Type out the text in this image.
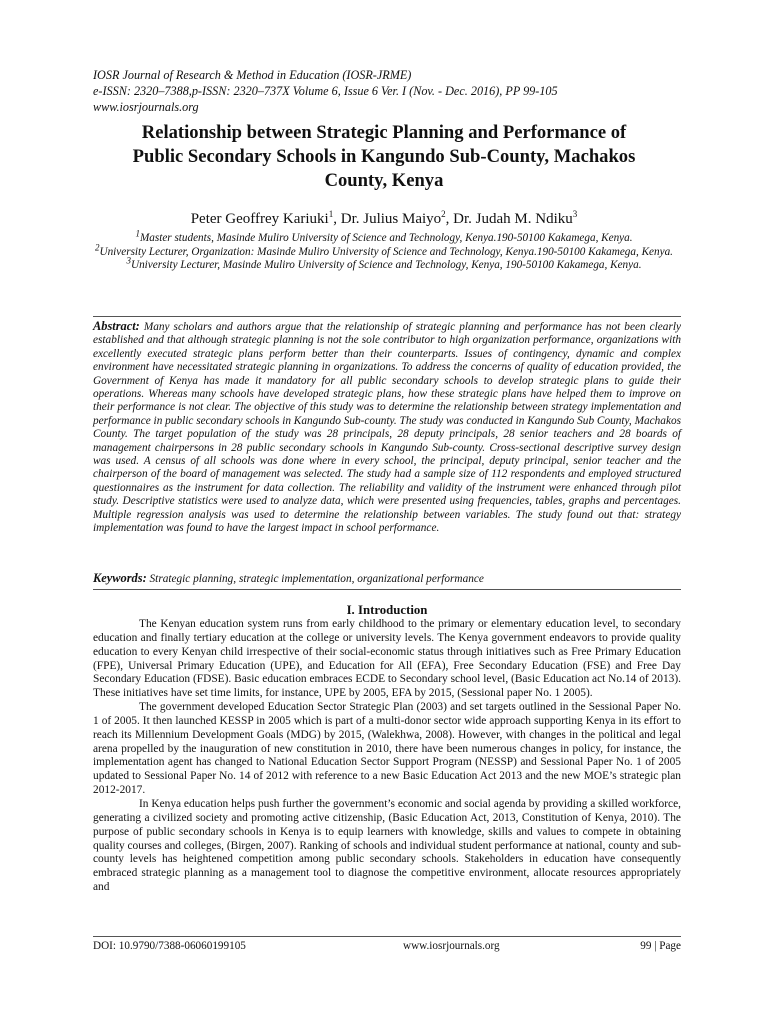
IOSR Journal of Research & Method in Education (IOSR-JRME)
e-ISSN: 2320–7388,p-ISSN: 2320–737X Volume 6, Issue 6 Ver. I (Nov. - Dec. 2016), PP 99-105
www.iosrjournals.org
Relationship between Strategic Planning and Performance of
Public Secondary Schools in Kangundo Sub-County, Machakos
County, Kenya
Peter Geoffrey Kariuki$^1$, Dr. Julius Maiyo$^2$, Dr. Judah M. Ndiku$^3$

$^1$Master students, Masinde Muliro University of Science and Technology, Kenya.190-50100 Kakamega, Kenya.

$^2$University Lecturer, Organization: Masinde Muliro University of Science and Technology, Kenya.190-50100 Kakamega, Kenya.

$^3$University Lecturer, Masinde Muliro University of Science and Technology, Kenya, 190-50100 Kakamega, Kenya.

Abstract: Many scholars and authors argue that the relationship of strategic planning and performance has not been clearly established and that although strategic planning is not the sole contributor to high organization performance, organizations with excellently executed strategic plans perform better than their counterparts. Issues of contingency, dynamic and complex environment have necessitated strategic planning in organizations. To address the concerns of quality of education provided, the Government of Kenya has made it mandatory for all public secondary schools to develop strategic plans to guide their operations. Whereas many schools have developed strategic plans, how these strategic plans have helped them to improve on their performance is not clear. The objective of this study was to determine the relationship between strategy implementation and performance in public secondary schools in Kangundo Sub-county. The study was conducted in Kangundo Sub County, Machakos County. The target population of the study was 28 principals, 28 deputy principals, 28 senior teachers and 28 boards of management chairpersons in 28 public secondary schools in Kangundo Sub-county. Cross-sectional descriptive survey design was used. A census of all schools was done where in every school, the principal, deputy principal, senior teacher and the chairperson of the board of management was selected. The study had a sample size of 112 respondents and employed structured questionnaires as the instrument for data collection. The reliability and validity of the instrument were enhanced through pilot study. Descriptive statistics were used to analyze data, which were presented using frequencies, tables, graphs and percentages. Multiple regression analysis was used to determine the relationship between variables. The study found out that: strategy implementation was found to have the largest impact in school performance.
Keywords: Strategic planning, strategic implementation, organizational performance
I. Introduction

The Kenyan education system runs from early childhood to the primary or elementary education level, to secondary education and finally tertiary education at the college or university levels. The Kenya government endeavors to provide quality education to every Kenyan child irrespective of their social-economic status through initiatives such as Free Primary Education (FPE), Universal Primary Education (UPE), and Education for All (EFA), Free Secondary Education (FSE) and Free Day Secondary Education (FDSE). Basic education embraces ECDE to Secondary school level, (Basic Education act No.14 of 2013). These initiatives have set time limits, for instance, UPE by 2005, EFA by 2015, (Sessional paper No. 1 2005).

The government developed Education Sector Strategic Plan (2003) and set targets outlined in the Sessional Paper No. 1 of 2005. It then launched KESSP in 2005 which is part of a multi-donor sector wide approach supporting Kenya in its effort to reach its Millennium Development Goals (MDG) by 2015, (Walekhwa, 2008). However, with changes in the political and legal arena propelled by the inauguration of new constitution in 2010, there have been numerous changes in policy, for instance, the implementation agent has changed to National Education Sector Support Program (NESSP) and Sessional Paper No. 1 of 2005 updated to Sessional Paper No. 14 of 2012 with reference to a new Basic Education Act 2013 and the new MOE’s strategic plan 2012-2017.

In Kenya education helps push further the government’s economic and social agenda by providing a skilled workforce, generating a civilized society and promoting active citizenship, (Basic Education Act, 2013, Constitution of Kenya, 2010). The purpose of public secondary schools in Kenya is to equip learners with knowledge, skills and values to compete in obtaining quality courses and colleges, (Birgen, 2007). Ranking of schools and individual student performance at national, county and sub-county levels has heightened competition among public secondary schools. Stakeholders in education have consequently embraced strategic planning as a management tool to diagnose the competitive environment, allocate resources appropriately and

DOI: 10.9790/7388-06060199105	www.iosrjournals.org	99 | Page
